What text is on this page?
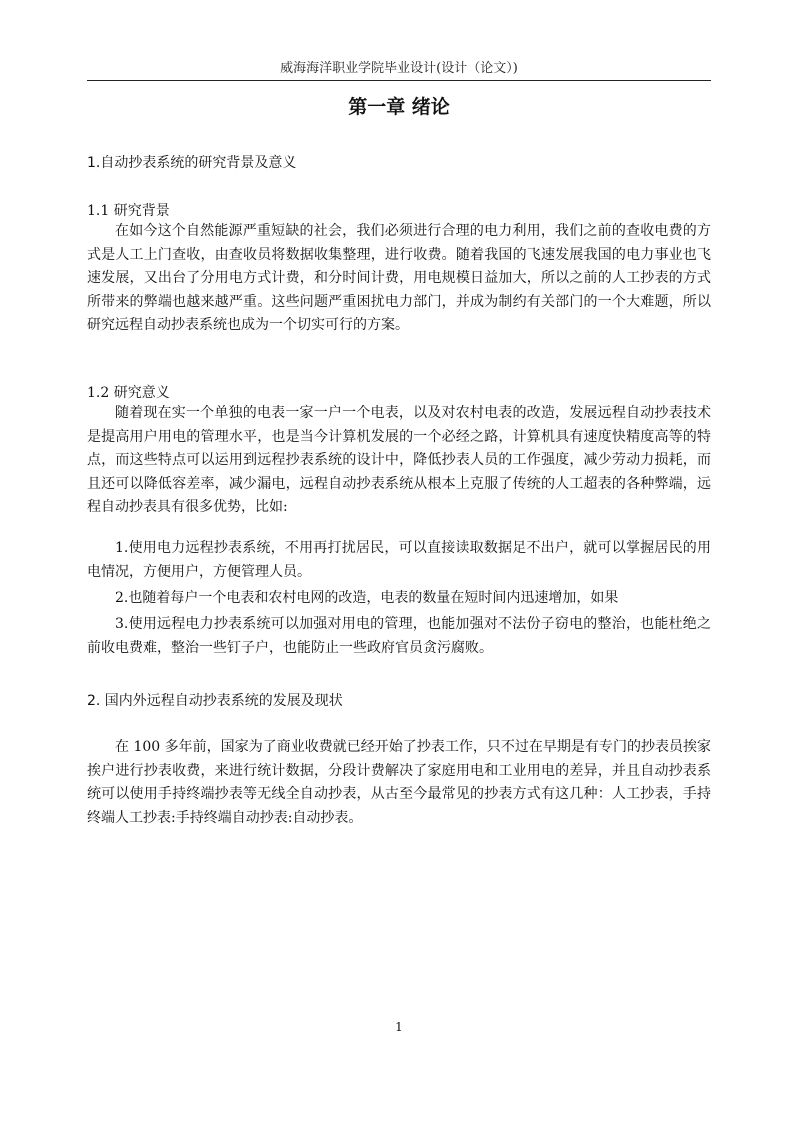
威海海洋职业学院毕业设计(设计（论文）)
第一章 绪论
1.自动抄表系统的研究背景及意义
1.1 研究背景

在如今这个自然能源严重短缺的社会，我们必须进行合理的电力利用，我们之前的查收电费的方式是人工上门查收，由查收员将数据收集整理，进行收费。随着我国的飞速发展我国的电力事业也飞速发展，又出台了分用电方式计费，和分时间计费，用电规模日益加大，所以之前的人工抄表的方式所带来的弊端也越来越严重。这些问题严重困扰电力部门，并成为制约有关部门的一个大难题，所以研究远程自动抄表系统也成为一个切实可行的方案。

1.2 研究意义

随着现在实一个单独的电表一家一户一个电表，以及对农村电表的改造，发展远程自动抄表技术是提高用户用电的管理水平，也是当今计算机发展的一个必经之路，计算机具有速度快精度高等的特点，而这些特点可以运用到远程抄表系统的设计中，降低抄表人员的工作强度，减少劳动力损耗，而且还可以降低容差率，减少漏电，远程自动抄表系统从根本上克服了传统的人工超表的各种弊端，远程自动抄表具有很多优势，比如:

1.使用电力远程抄表系统，不用再打扰居民，可以直接读取数据足不出户，就可以掌握居民的用电情况，方便用户，方便管理人员。

2.也随着每户一个电表和农村电网的改造，电表的数量在短时间内迅速增加，如果

3.使用远程电力抄表系统可以加强对用电的管理，也能加强对不法份子窃电的整治，也能杜绝之前收电费难，整治一些钉子户，也能防止一些政府官员贪污腐败。

2. 国内外远程自动抄表系统的发展及现状

在 100 多年前，国家为了商业收费就已经开始了抄表工作，只不过在早期是有专门的抄表员挨家挨户进行抄表收费，来进行统计数据，分段计费解决了家庭用电和工业用电的差异，并且自动抄表系统可以使用手持终端抄表等无线全自动抄表，从古至今最常见的抄表方式有这几种：人工抄表，手持终端人工抄表:手持终端自动抄表:自动抄表。

1
